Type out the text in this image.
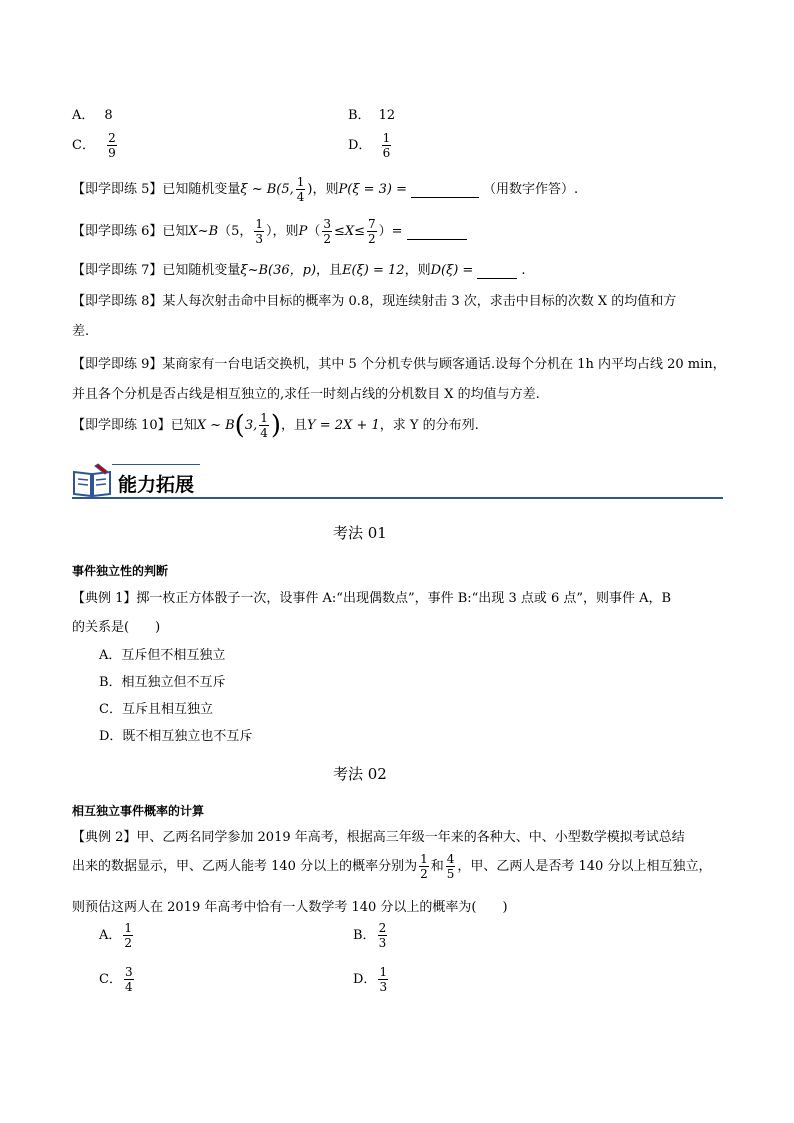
A． 8	B． 12
C． $\frac{2}{9}$	D． $\frac{1}{6}$
【即学即练 5】已知随机变量ξ ~ B(5, $\frac{1}{4}$ )，则P(ξ = 3) =	（用数字作答）.
【即学即练 6】已知X~B（5， $\frac{1}{3}$ ），则$P( \frac{3}{2} \le X\le \frac{7}{2}$ ）=
【即学即练 7】已知随机变量ξ~B(36，p)，且E(ξ) = 12，则D(ξ) =	.
【即学即练 8】某人每次射击命中目标的概率为 0.8，现连续射击 3 次，求击中目标的次数 X 的均值和方
差.
【即学即练 9】某商家有一台电话交换机，其中 5 个分机专供与顾客通话.设每个分机在 1h 内平均占线 20 min，
并且各个分机是否占线是相互独立的,求任一时刻占线的分机数目 X 的均值与方差.
【即学即练 10】已知X ~ B(3, $\frac{1}{4}$ )，且Y = 2X + 1，求 Y 的分布列.
能力拓展
考法 01
事件独立性的判断
【典例 1】掷一枚正方体骰子一次，设事件 A:“出现偶数点”，事件 B:“出现 3 点或 6 点”，则事件 A，B
的关系是(　　)
A．互斥但不相互独立
B．相互独立但不互斥
C．互斥且相互独立
D．既不相互独立也不互斥
考法 02
相互独立事件概率的计算
【典例 2】甲、乙两名同学参加 2019 年高考，根据高三年级一年来的各种大、中、小型数学模拟考试总结
出来的数据显示，甲、乙两人能考 140 分以上的概率分别为 $\frac{1}{2}$ 和 $\frac{4}{5}$ ，甲、乙两人是否考 140 分以上相互独立，
则预估这两人在 2019 年高考中恰有一人数学考 140 分以上的概率为(　　)
A． $\frac{1}{2}$	B． $\frac{2}{3}$
C． $\frac{3}{4}$	D． $\frac{1}{3}$
